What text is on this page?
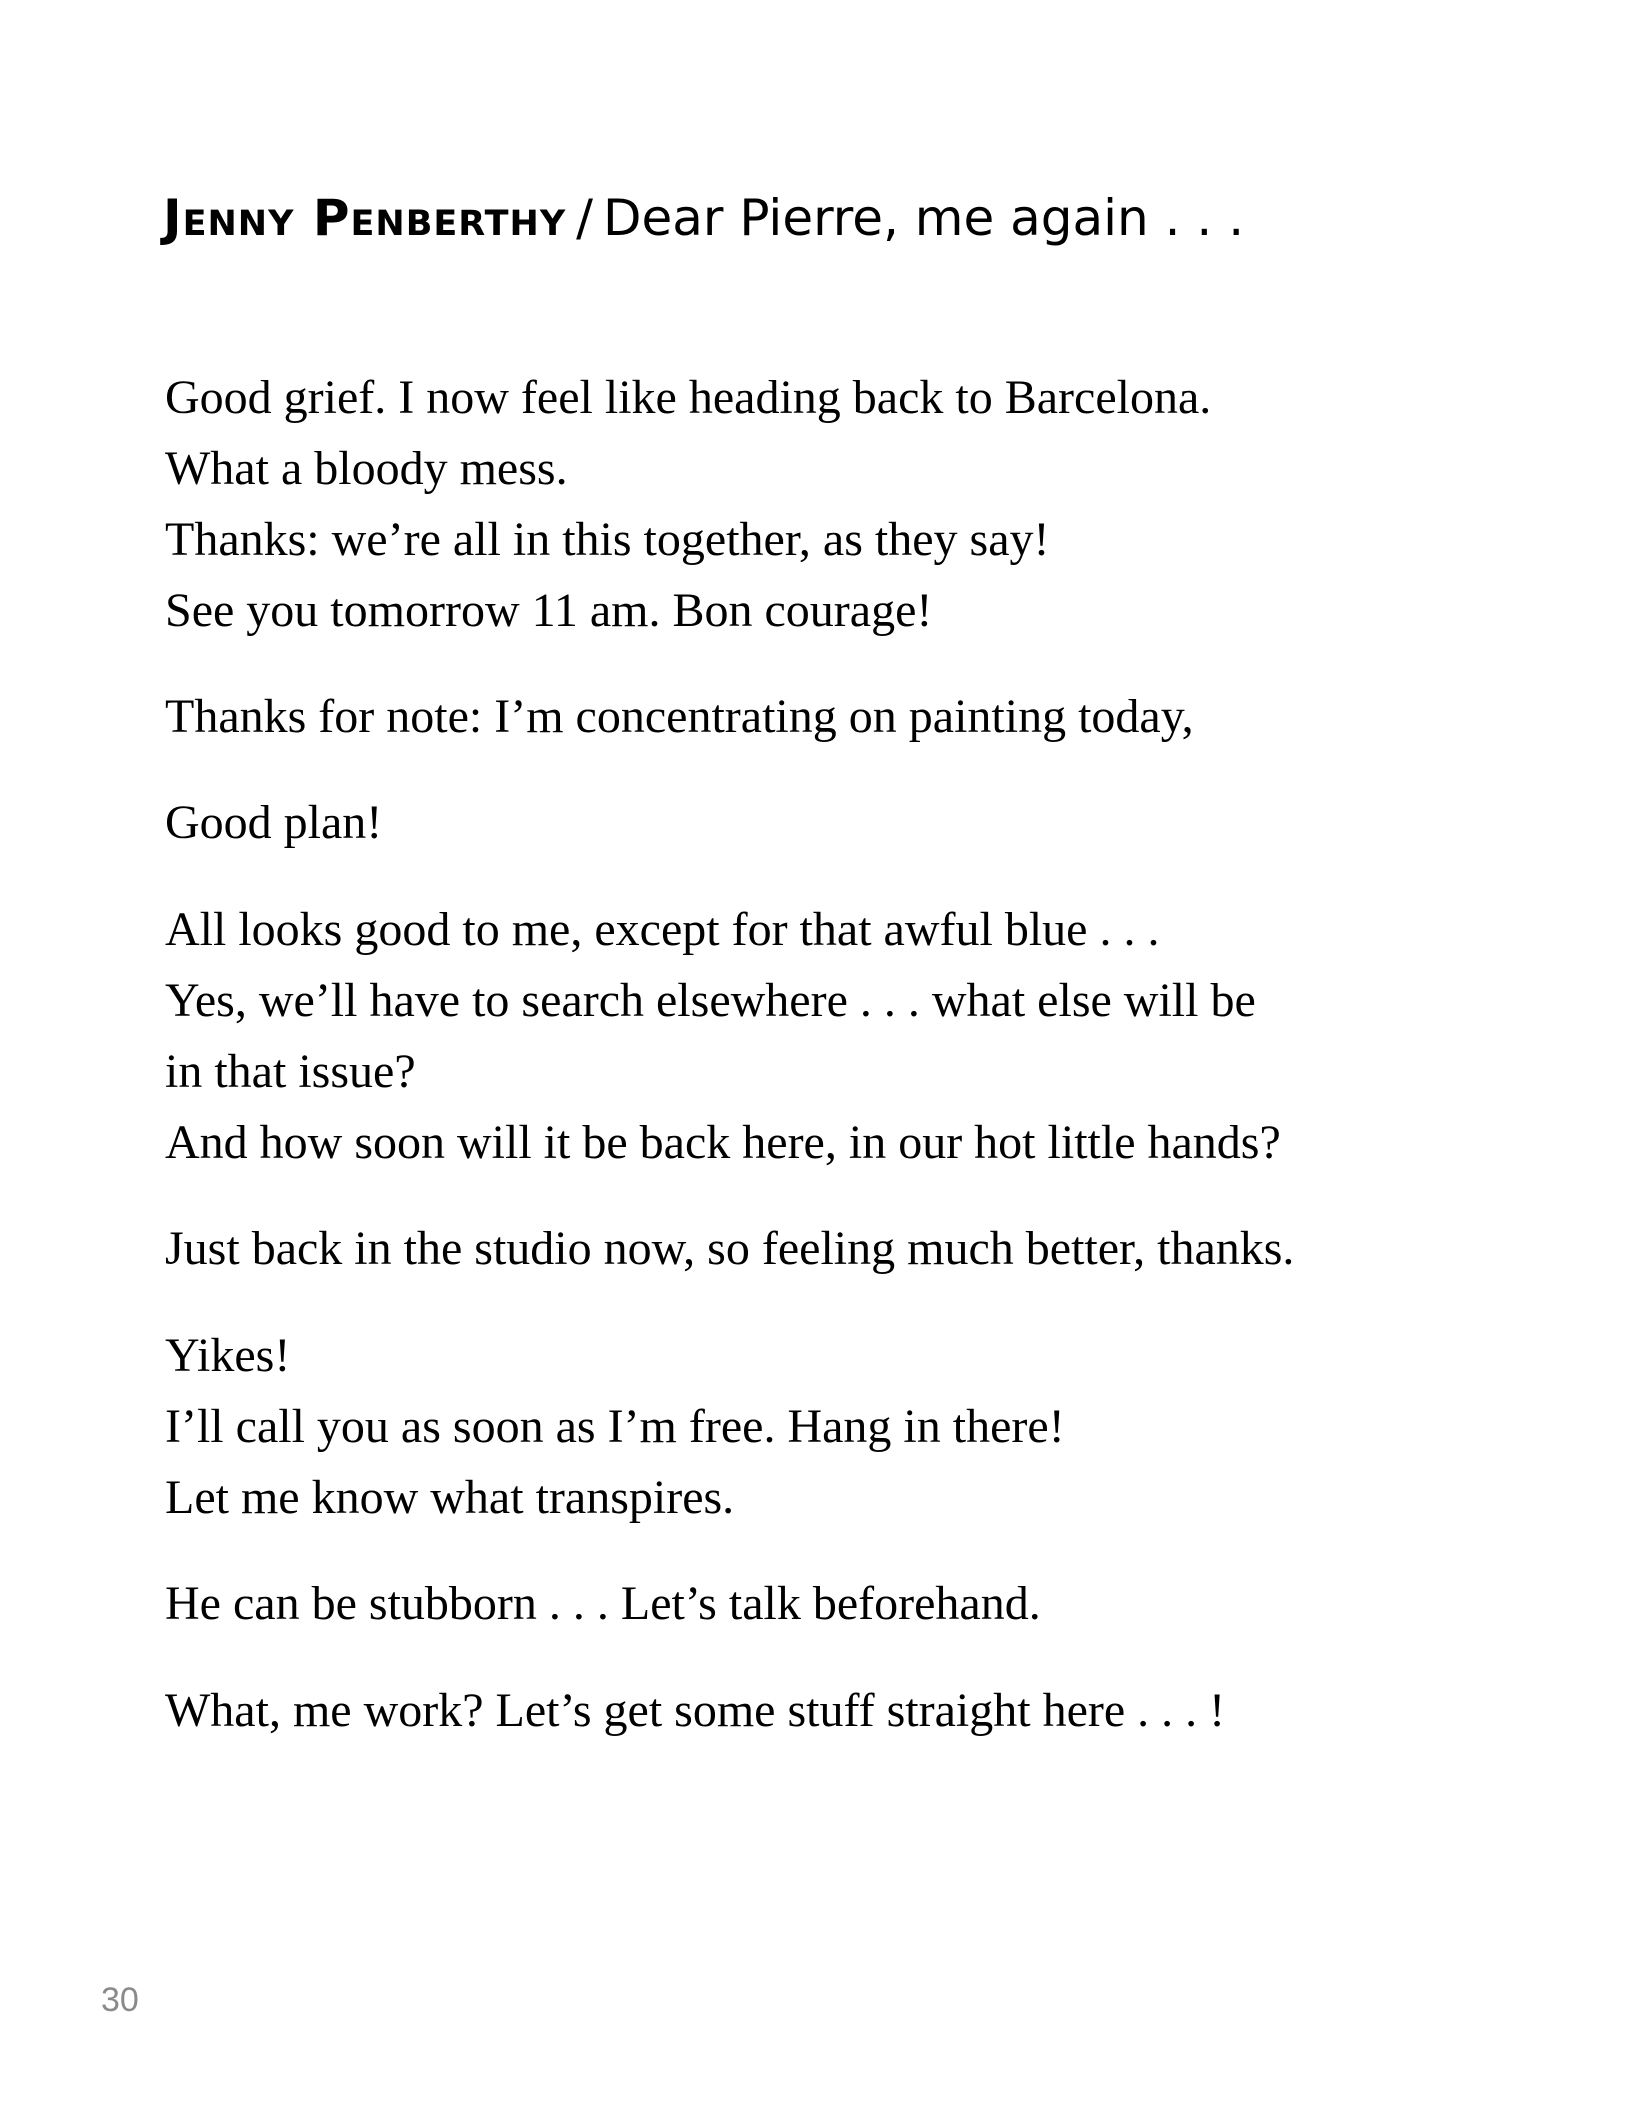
Jenny Penberthy / Dear Pierre, me again . . .
Good grief. I now feel like heading back to Barcelona.
What a bloody mess.
Thanks: we’re all in this together, as they say!
See you tomorrow 11 am. Bon courage!
Thanks for note: I’m concentrating on painting today,
Good plan!
All looks good to me, except for that awful blue . . .
Yes, we’ll have to search elsewhere . . . what else will be
in that issue?
And how soon will it be back here, in our hot little hands?
Just back in the studio now, so feeling much better, thanks.
Yikes!
I’ll call you as soon as I’m free. Hang in there!
Let me know what transpires.
He can be stubborn . . . Let’s talk beforehand.
What, me work? Let’s get some stuff straight here . . . !
30
